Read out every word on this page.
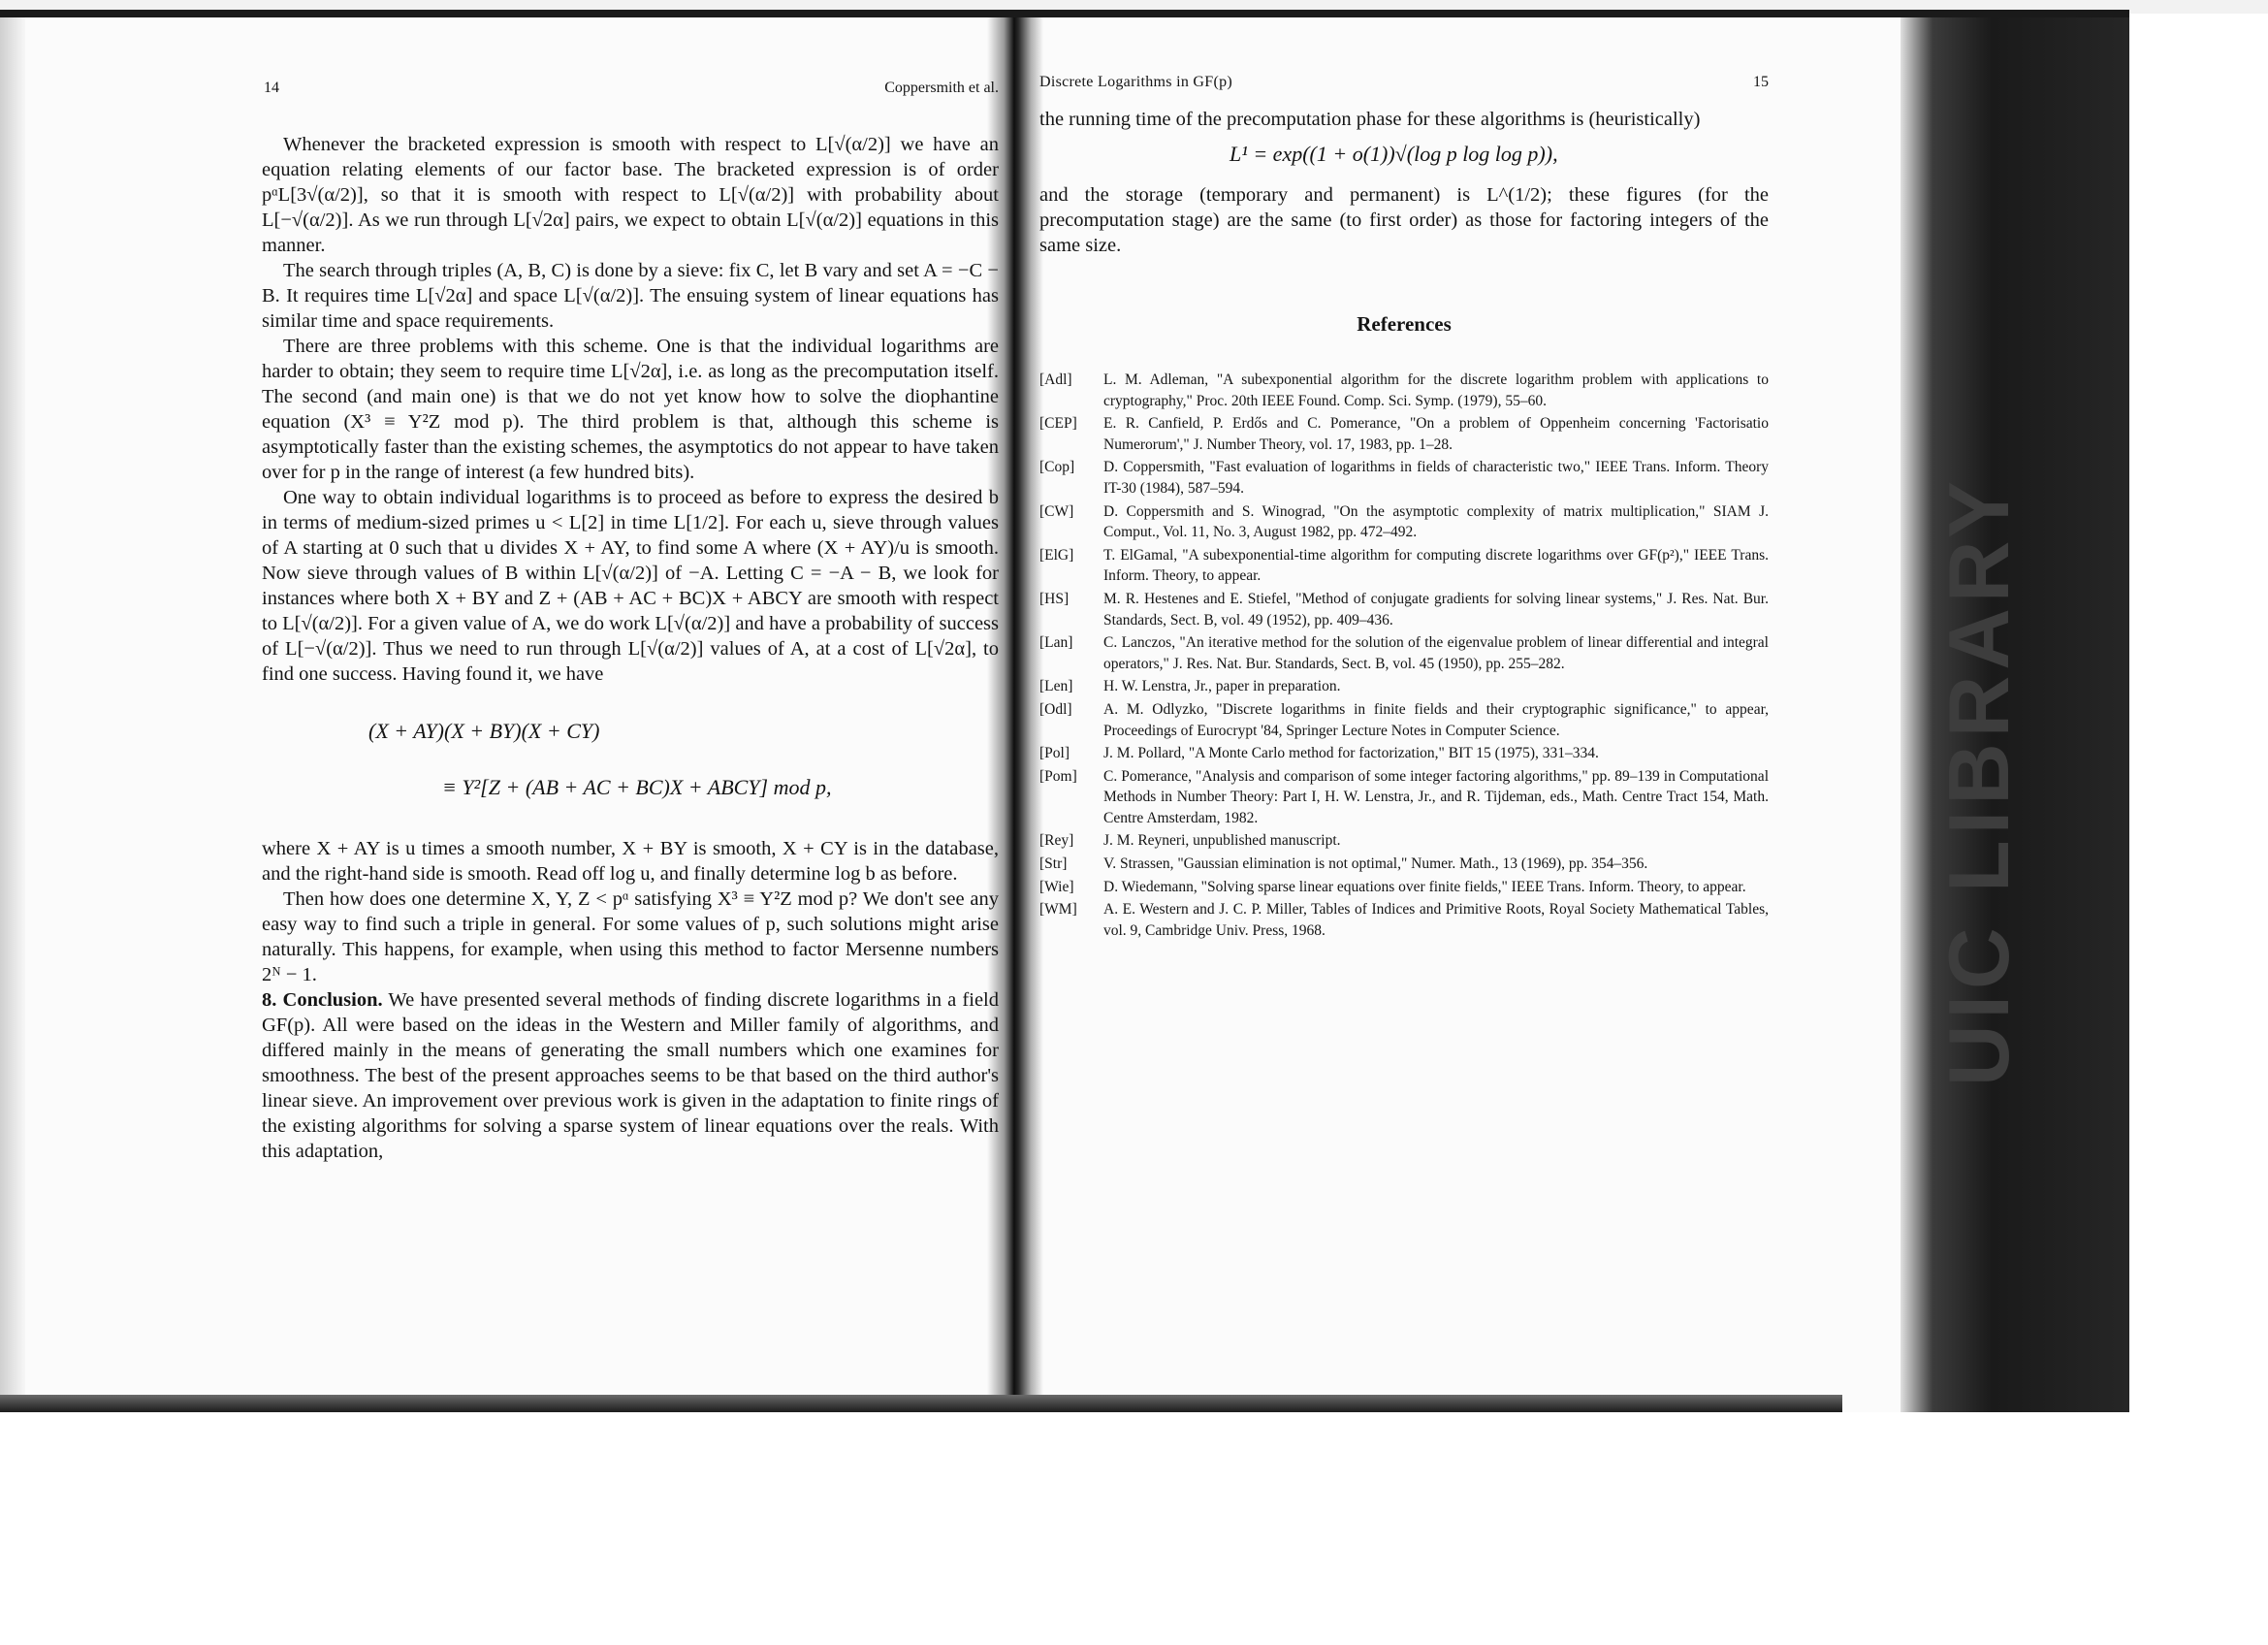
UIC LIBRARY
14	Coppersmith et al.

Whenever the bracketed expression is smooth with respect to L[√(α/2)] we have an equation relating elements of our factor base. The bracketed expression is of order pᵅL[3√(α/2)], so that it is smooth with respect to L[√(α/2)] with probability about L[−√(α/2)]. As we run through L[√2α] pairs, we expect to obtain L[√(α/2)] equations in this manner.

The search through triples (A, B, C) is done by a sieve: fix C, let B vary and set A = −C − B. It requires time L[√2α] and space L[√(α/2)]. The ensuing system of linear equations has similar time and space requirements.

There are three problems with this scheme. One is that the individual logarithms are harder to obtain; they seem to require time L[√2α], i.e. as long as the precomputation itself. The second (and main one) is that we do not yet know how to solve the diophantine equation (X³ ≡ Y²Z mod p). The third problem is that, although this scheme is asymptotically faster than the existing schemes, the asymptotics do not appear to have taken over for p in the range of interest (a few hundred bits).

One way to obtain individual logarithms is to proceed as before to express the desired b in terms of medium-sized primes u < L[2] in time L[1/2]. For each u, sieve through values of A starting at 0 such that u divides X + AY, to find some A where (X + AY)/u is smooth. Now sieve through values of B within L[√(α/2)] of −A. Letting C = −A − B, we look for instances where both X + BY and Z + (AB + AC + BC)X + ABCY are smooth with respect to L[√(α/2)]. For a given value of A, we do work L[√(α/2)] and have a probability of success of L[−√(α/2)]. Thus we need to run through L[√(α/2)] values of A, at a cost of L[√2α], to find one success. Having found it, we have

(X + AY)(X + BY)(X + CY)
≡ Y²[Z + (AB + AC + BC)X + ABCY] mod p,

where X + AY is u times a smooth number, X + BY is smooth, X + CY is in the database, and the right-hand side is smooth. Read off log u, and finally determine log b as before.

Then how does one determine X, Y, Z < pᵅ satisfying X³ ≡ Y²Z mod p? We don't see any easy way to find such a triple in general. For some values of p, such solutions might arise naturally. This happens, for example, when using this method to factor Mersenne numbers 2ᴺ − 1.

8. Conclusion. We have presented several methods of finding discrete logarithms in a field GF(p). All were based on the ideas in the Western and Miller family of algorithms, and differed mainly in the means of generating the small numbers which one examines for smoothness. The best of the present approaches seems to be that based on the third author's linear sieve. An improvement over previous work is given in the adaptation to finite rings of the existing algorithms for solving a sparse system of linear equations over the reals. With this adaptation,

Discrete Logarithms in GF(p)	15

the running time of the precomputation phase for these algorithms is (heuristically)

L¹ = exp((1 + o(1))√(log p log log p)),

and the storage (temporary and permanent) is L^(1/2); these figures (for the precomputation stage) are the same (to first order) as those for factoring integers of the same size.

References
[Adl]	L. M. Adleman, "A subexponential algorithm for the discrete logarithm problem with applications to cryptography," Proc. 20th IEEE Found. Comp. Sci. Symp. (1979), 55–60.
[CEP]	E. R. Canfield, P. Erdős and C. Pomerance, "On a problem of Oppenheim concerning 'Factorisatio Numerorum'," J. Number Theory, vol. 17, 1983, pp. 1–28.
[Cop]	D. Coppersmith, "Fast evaluation of logarithms in fields of characteristic two," IEEE Trans. Inform. Theory IT-30 (1984), 587–594.
[CW]	D. Coppersmith and S. Winograd, "On the asymptotic complexity of matrix multiplication," SIAM J. Comput., Vol. 11, No. 3, August 1982, pp. 472–492.
[ElG]	T. ElGamal, "A subexponential-time algorithm for computing discrete logarithms over GF(p²)," IEEE Trans. Inform. Theory, to appear.
[HS]	M. R. Hestenes and E. Stiefel, "Method of conjugate gradients for solving linear systems," J. Res. Nat. Bur. Standards, Sect. B, vol. 49 (1952), pp. 409–436.
[Lan]	C. Lanczos, "An iterative method for the solution of the eigenvalue problem of linear differential and integral operators," J. Res. Nat. Bur. Standards, Sect. B, vol. 45 (1950), pp. 255–282.
[Len]	H. W. Lenstra, Jr., paper in preparation.
[Odl]	A. M. Odlyzko, "Discrete logarithms in finite fields and their cryptographic significance," to appear, Proceedings of Eurocrypt '84, Springer Lecture Notes in Computer Science.
[Pol]	J. M. Pollard, "A Monte Carlo method for factorization," BIT 15 (1975), 331–334.
[Pom]	C. Pomerance, "Analysis and comparison of some integer factoring algorithms," pp. 89–139 in Computational Methods in Number Theory: Part I, H. W. Lenstra, Jr., and R. Tijdeman, eds., Math. Centre Tract 154, Math. Centre Amsterdam, 1982.
[Rey]	J. M. Reyneri, unpublished manuscript.
[Str]	V. Strassen, "Gaussian elimination is not optimal," Numer. Math., 13 (1969), pp. 354–356.
[Wie]	D. Wiedemann, "Solving sparse linear equations over finite fields," IEEE Trans. Inform. Theory, to appear.
[WM]	A. E. Western and J. C. P. Miller, Tables of Indices and Primitive Roots, Royal Society Mathematical Tables, vol. 9, Cambridge Univ. Press, 1968.
